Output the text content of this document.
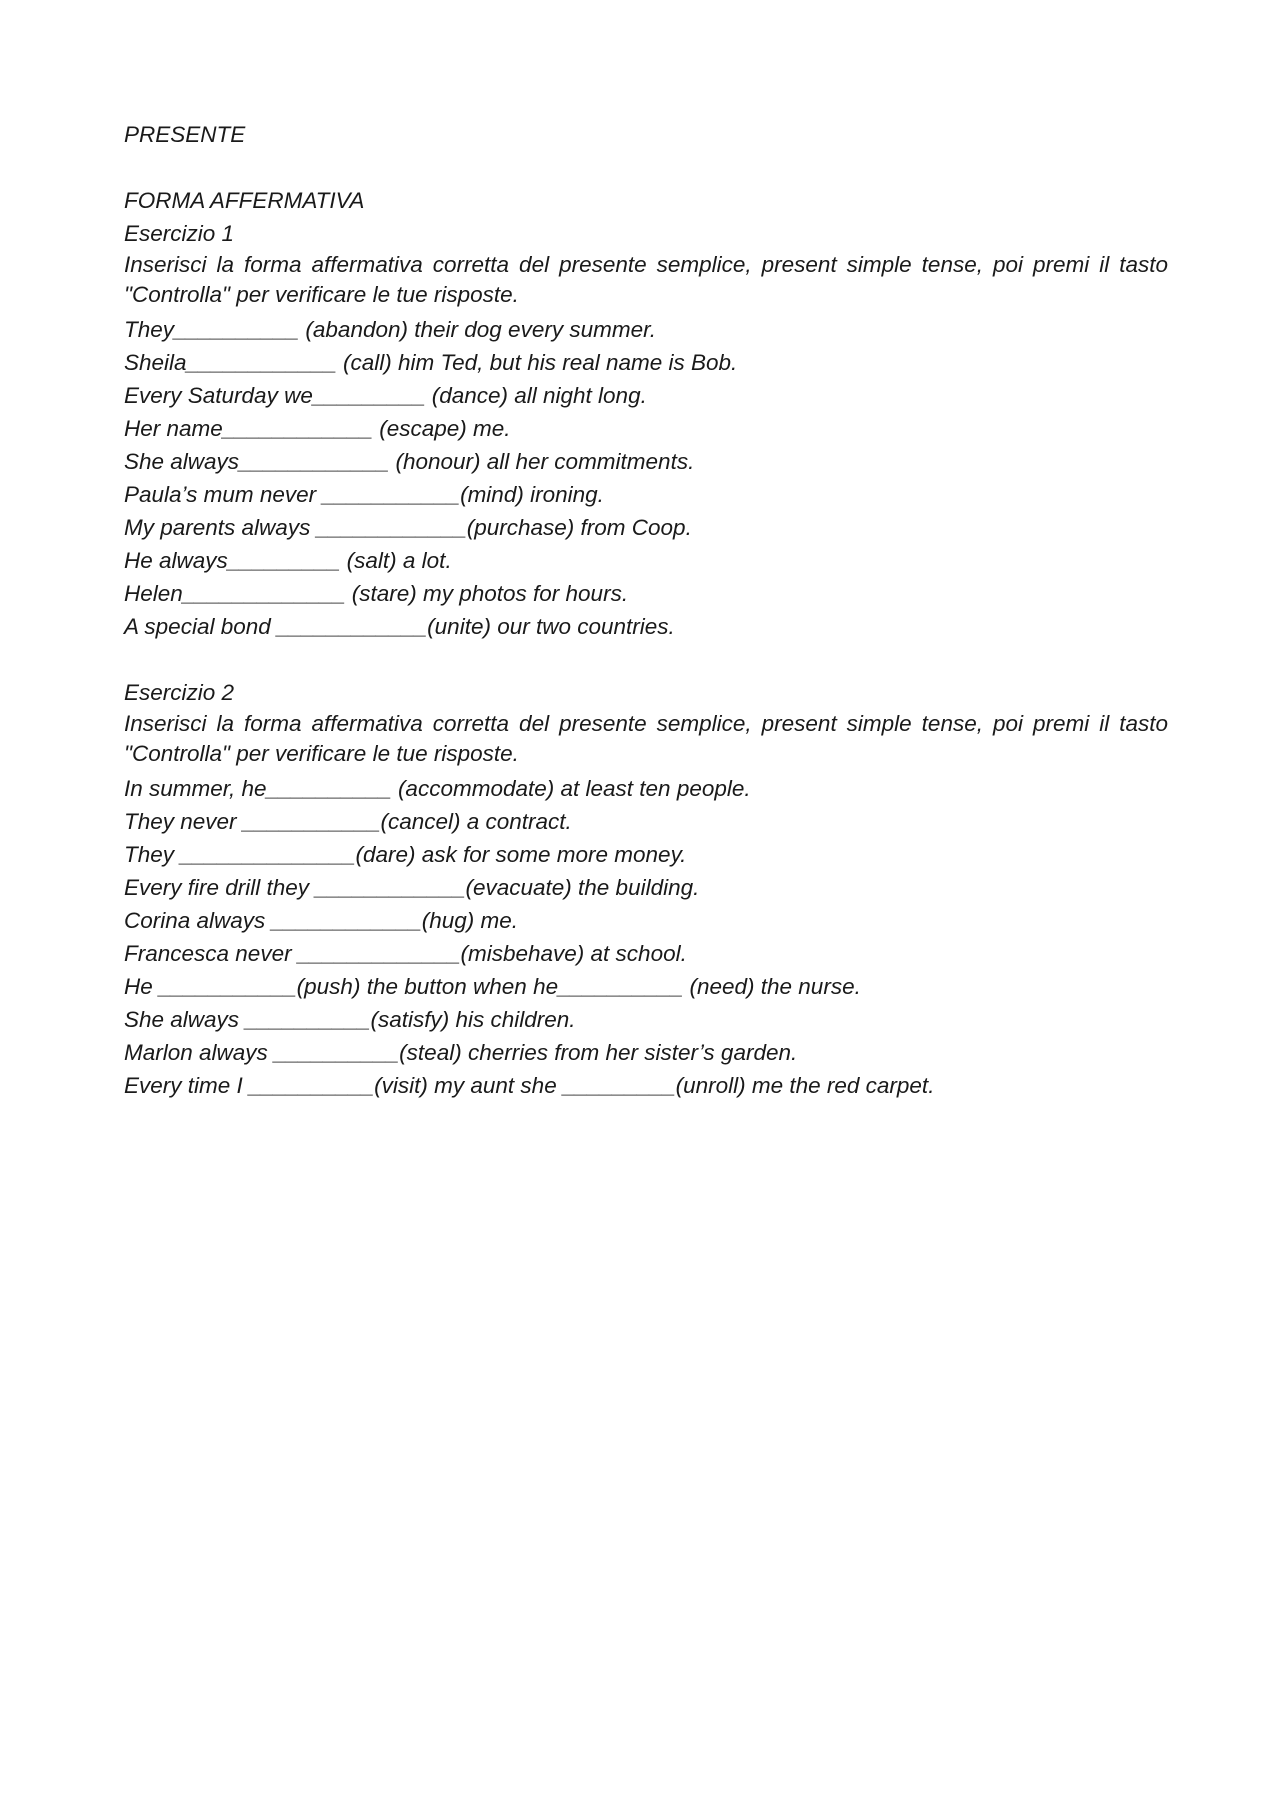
PRESENTE
FORMA AFFERMATIVA
Esercizio 1
Inserisci la forma affermativa corretta del presente semplice, present simple tense, poi premi il tasto "Controlla" per verificare le tue risposte.
They__________ (abandon) their dog every summer.
Sheila____________ (call) him Ted, but his real name is Bob.
Every Saturday we_________ (dance) all night long.
Her name____________ (escape) me.
She always____________ (honour) all her commitments.
Paula’s mum never ___________(mind) ironing.
My parents always ____________(purchase) from Coop.
He always_________ (salt) a lot.
Helen_____________ (stare) my photos for hours.
A special bond ____________(unite) our two countries.
Esercizio 2
Inserisci la forma affermativa corretta del presente semplice, present simple tense, poi premi il tasto "Controlla" per verificare le tue risposte.
In summer, he__________ (accommodate) at least ten people.
They never ___________(cancel) a contract.
They ______________(dare) ask for some more money.
Every fire drill they ____________(evacuate) the building.
Corina always ____________(hug) me.
Francesca never _____________(misbehave) at school.
He ___________(push) the button when he__________ (need) the nurse.
She always __________(satisfy) his children.
Marlon always __________(steal) cherries from her sister’s garden.
Every time I __________(visit) my aunt she _________(unroll) me the red carpet.
